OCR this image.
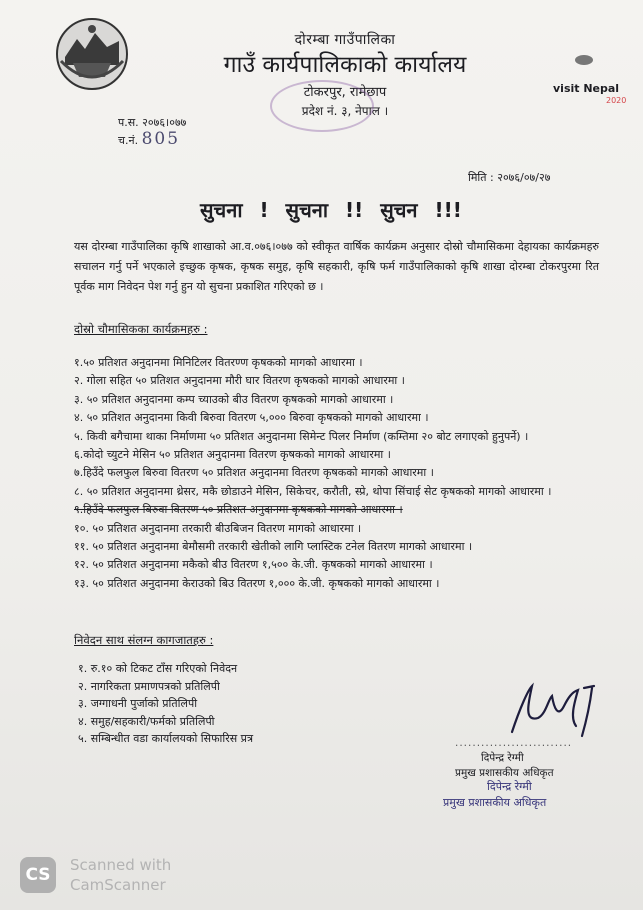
दोरम्बा गाउँपालिका
गाउँ कार्यपालिकाको कार्यालय
टोकरपुर, रामेछाप
प्रदेश नं. ३, नेपाल ।
visit Nepal
2020
प.स. २०७६।०७७
च.नं. 805
मिति : २०७६/०७/२७
सुचना ! सुचना !! सुचन !!!
यस दोरम्बा गाउँपालिका कृषि शाखाको आ.व.०७६।०७७ को स्वीकृत वार्षिक कार्यक्रम अनुसार दोस्रो चौमासिकमा देहायका कार्यक्रमहरु सचालन गर्नु पर्ने भएकाले इच्छुक कृषक, कृषक समुह, कृषि सहकारी, कृषि फर्म गाउँपालिकाको कृषि शाखा दोरम्बा टोकरपुरमा रित पूर्वक माग निवेदन पेश गर्नु हुन यो सुचना प्रकाशित गरिएको छ ।
दोस्रो चौमासिकका कार्यक्रमहरु :
१.५० प्रतिशत अनुदानमा मिनिटिलर वितरण्ण कृषकको मागको आधारमा ।
२. गोला सहित ५० प्रतिशत अनुदानमा मौरी घार वितरण कृषकको मागको आधारमा ।
३. ५० प्रतिशत अनुदानमा कम्प च्याउको बीउ वितरण कृषकको मागको आधारमा ।
४. ५० प्रतिशत अनुदानमा किवी बिरुवा वितरण ५,००० बिरुवा कृषकको मागको आधारमा ।
५. किवी बगैचामा थाका निर्माणमा ५० प्रतिशत अनुदानमा सिमेन्ट पिलर निर्माण (कम्तिमा २० बोट लगाएको हुनुपर्ने) ।
६.कोदो च्युटने मेसिन ५० प्रतिशत अनुदानमा वितरण कृषकको मागको आधारमा ।
७.हिउँदे फलफुल बिरुवा वितरण ५० प्रतिशत अनुदानमा वितरण कृषकको मागको आधारमा ।
८. ५० प्रतिशत अनुदानमा थ्रेसर, मकै छोडाउने मेसिन, सिकेचर, करौती, स्प्रे, थोपा सिंचाई सेट कृषकको मागको आधारमा ।
९.हिउँदे फलफुल बिरुवा वितरण ५० प्रतिशत अनुदानमा कृषकको मागको आधारमा ।
१०. ५० प्रतिशत अनुदानमा तरकारी बीउबिजन वितरण मागको आधारमा ।
११. ५० प्रतिशत अनुदानमा बेमौसमी तरकारी खेतीको लागि प्लास्टिक टनेल वितरण मागको आधारमा ।
१२. ५० प्रतिशत अनुदानमा मकैको बीउ वितरण १,५०० के.जी. कृषकको मागको आधारमा ।
१३. ५० प्रतिशत अनुदानमा केराउको बिउ वितरण १,००० के.जी. कृषकको मागको आधारमा ।
निवेदन साथ संलग्न कागजातहरु :
१. रु.१० को टिकट टाँस गरिएको निवेदन
२. नागरिकता प्रमाणपत्रको प्रतिलिपी
३. जग्गाधनी पुर्जाको प्रतिलिपी
४. समुह/सहकारी/फर्मको प्रतिलिपी
५. सम्बिन्धीत वडा कार्यालयको सिफारिस प्रत्र	...........................
दिपेन्द्र रेग्मी
प्रमुख प्रशासकीय अधिकृत
दिपेन्द्र रेग्मी
प्रमुख प्रशासकीय अधिकृत
CS	Scanned with
CamScanner
